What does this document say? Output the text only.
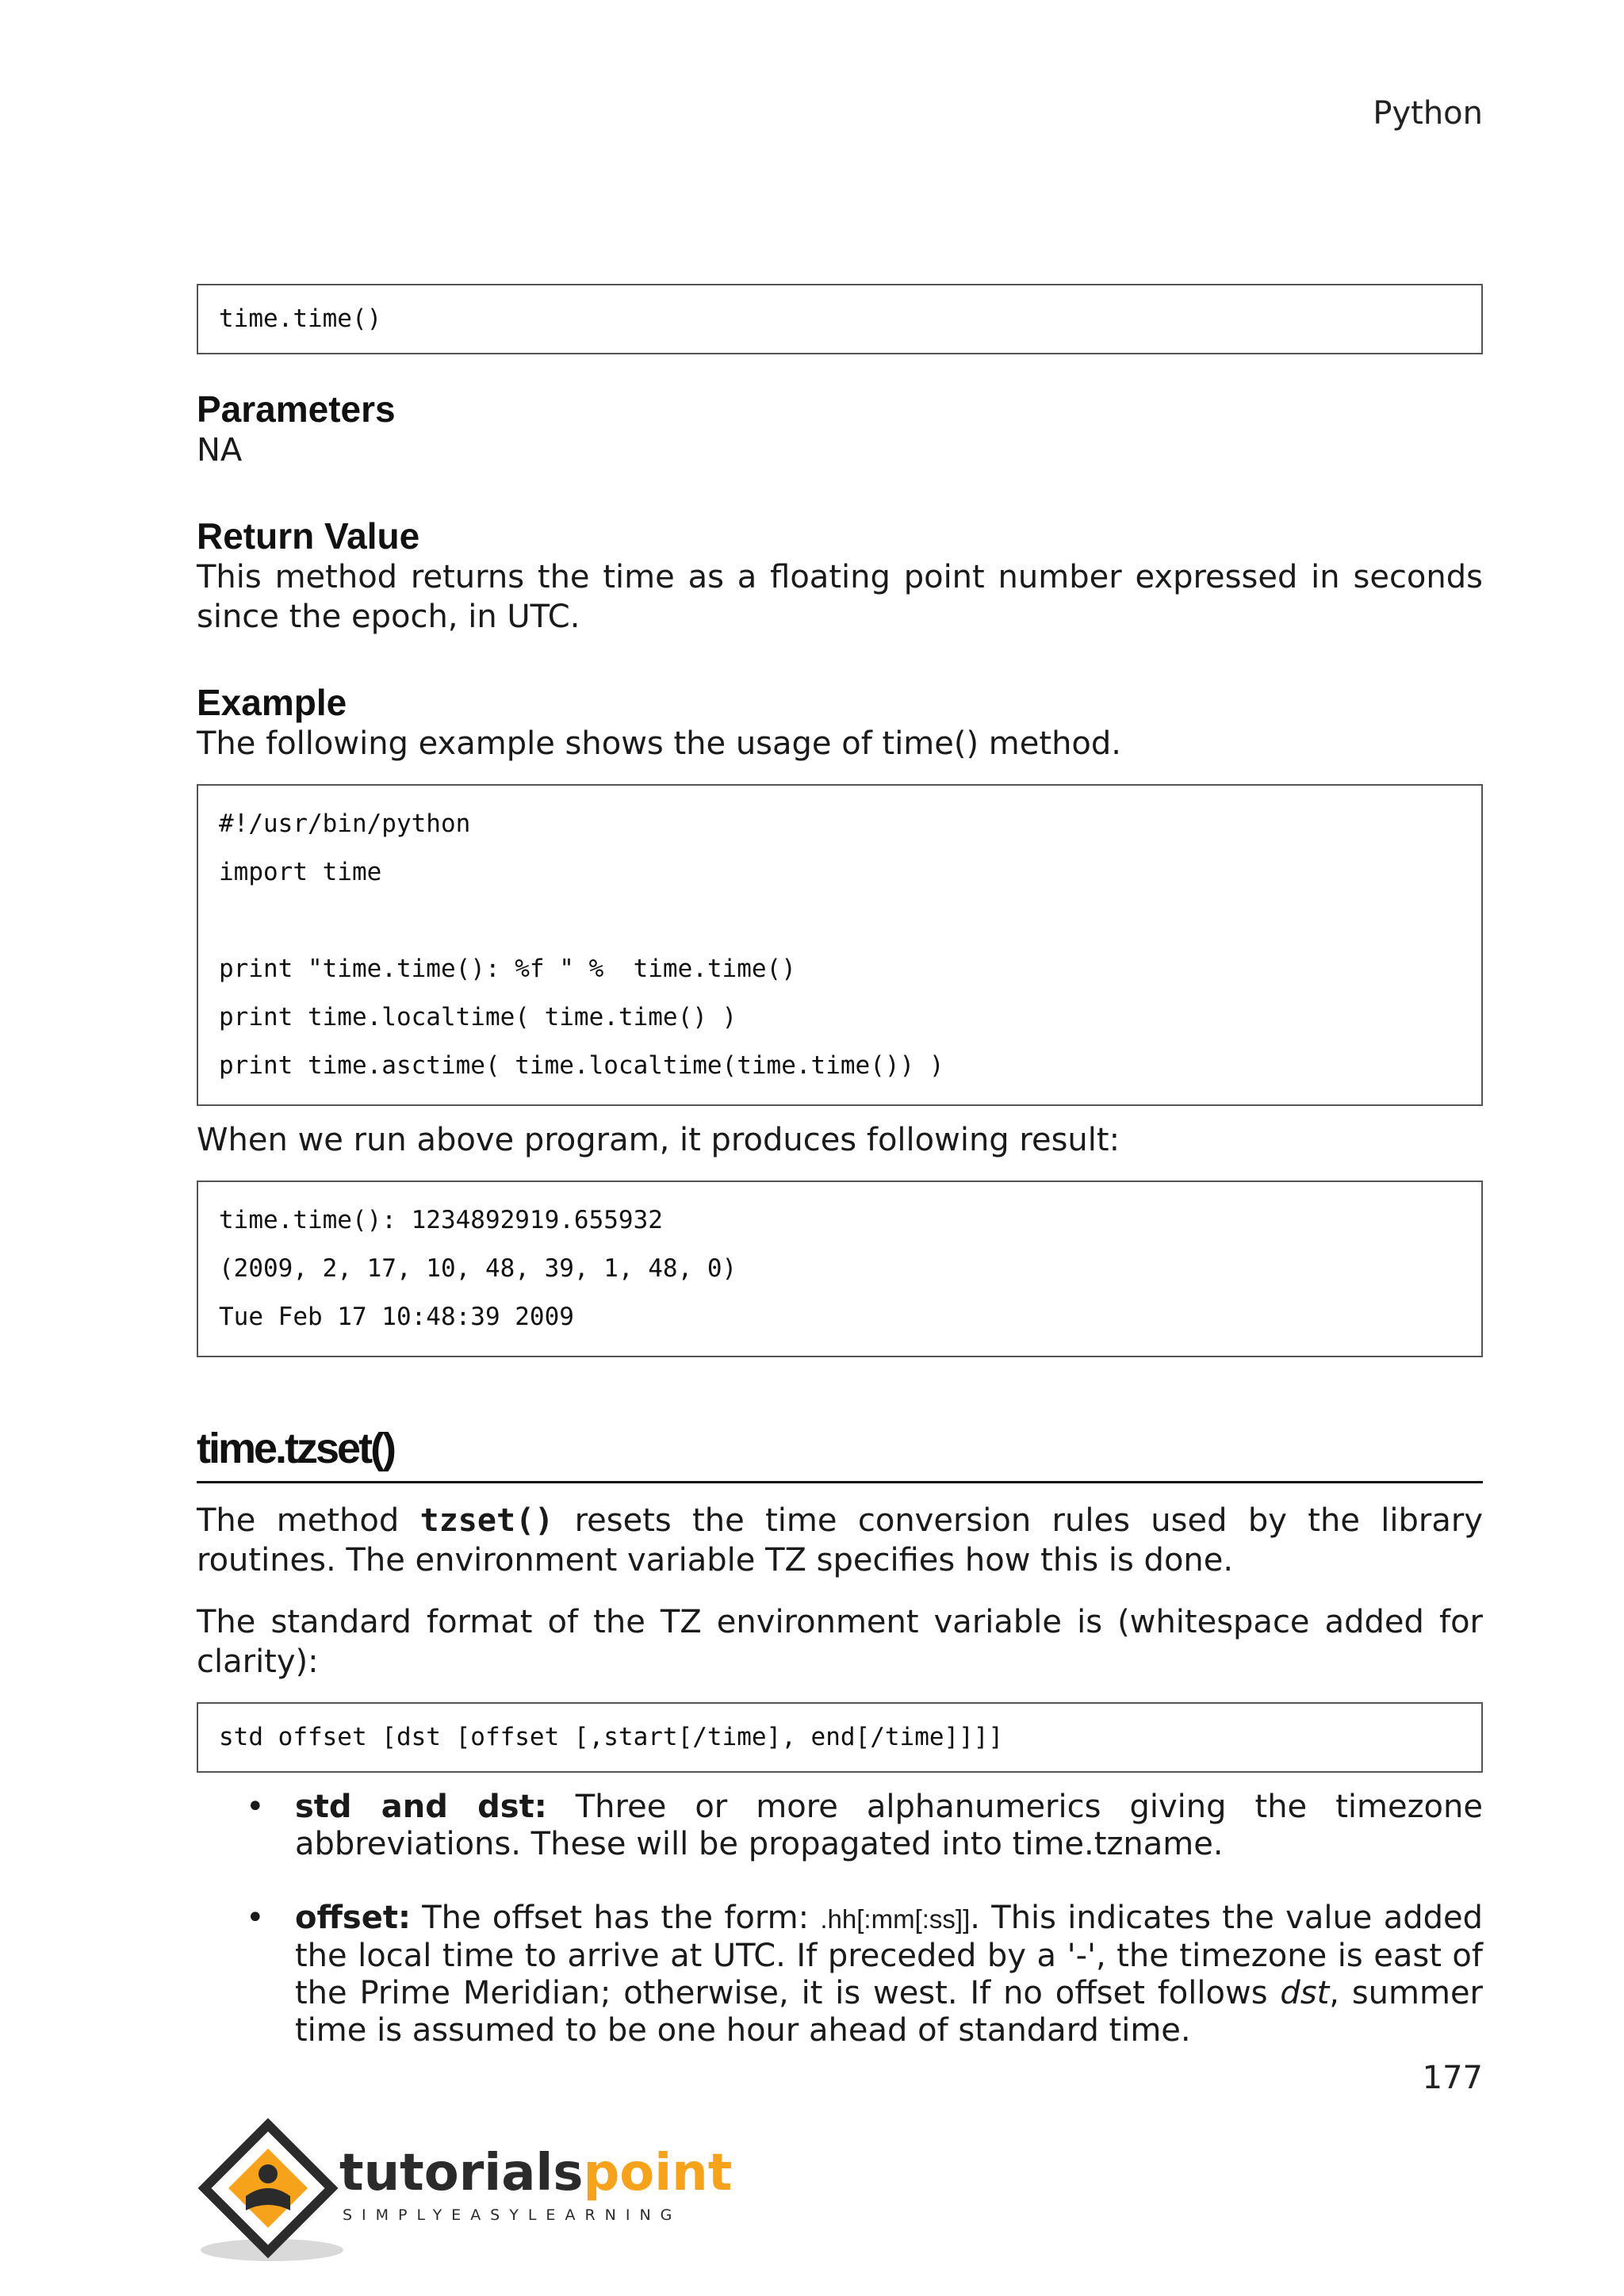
Python
time.time()
Parameters

NA

Return Value

This method returns the time as a floating point number expressed in seconds since the epoch, in UTC.

Example

The following example shows the usage of time() method.

#!/usr/bin/python
import time
print "time.time(): %f " %  time.time()
print time.localtime( time.time() )
print time.asctime( time.localtime(time.time()) )

When we run above program, it produces following result:

time.time(): 1234892919.655932
(2009, 2, 17, 10, 48, 39, 1, 48, 0)
Tue Feb 17 10:48:39 2009
time.tzset()

The method tzset() resets the time conversion rules used by the library routines. The environment variable TZ specifies how this is done.

The standard format of the TZ environment variable is (whitespace added for clarity):

std offset [dst [offset [,start[/time], end[/time]]]]
• std and dst: Three or more alphanumerics giving the timezone abbreviations. These will be propagated into time.tzname.
• offset: The offset has the form: .hh[:mm[:ss]]. This indicates the value added the local time to arrive at UTC. If preceded by a '-', the timezone is east of the Prime Meridian; otherwise, it is west. If no offset follows dst, summer time is assumed to be one hour ahead of standard time.
177
tutorialspoint
SIMPLYEASYLEARNING
